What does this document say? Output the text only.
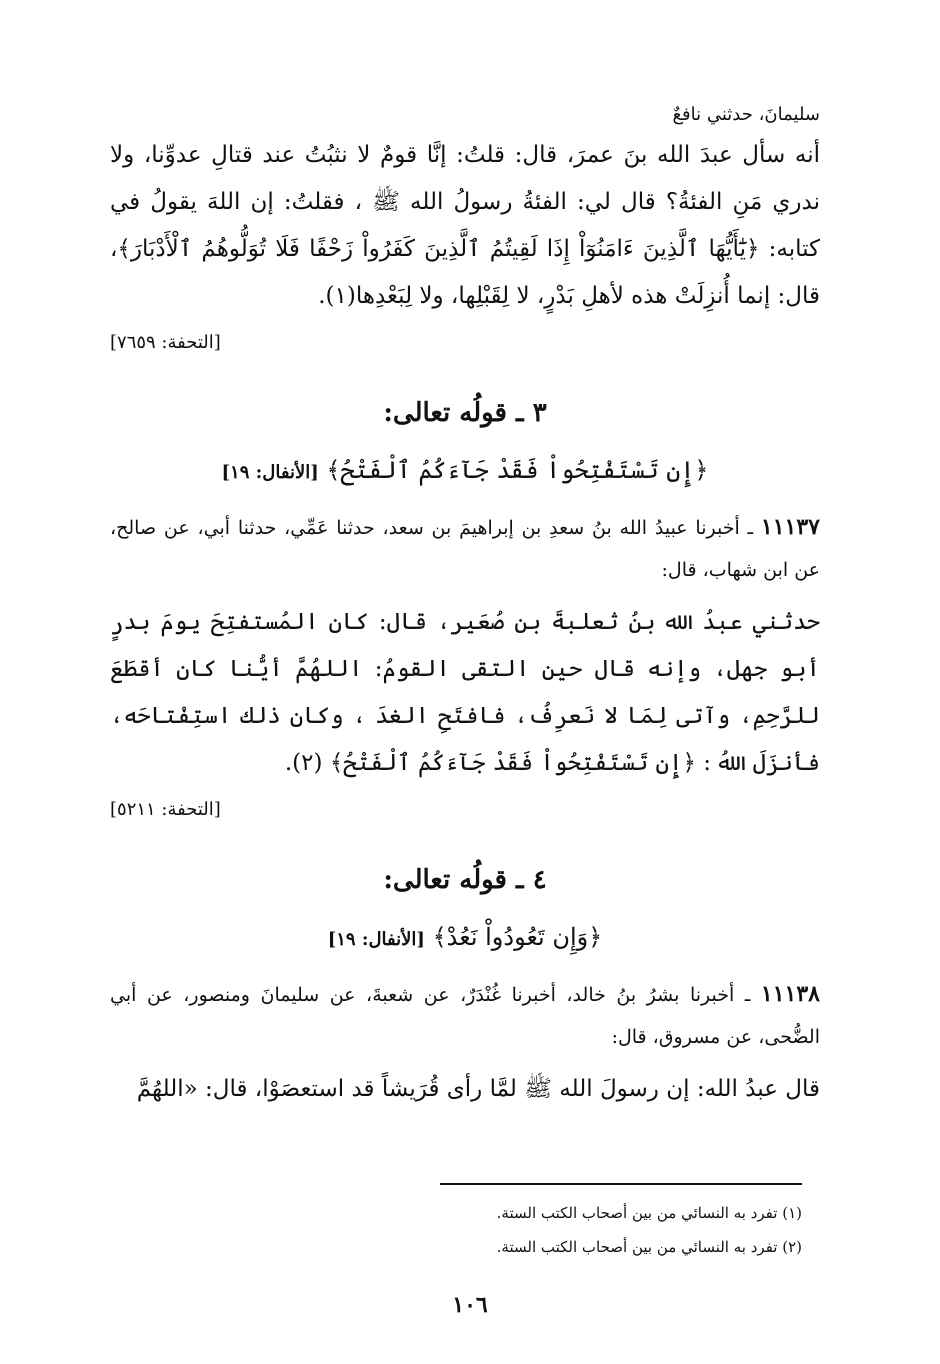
سليمانَ، حدثني نافعٌ

أنه سأل عبدَ الله بنَ عمرَ، قال: قلتُ: إنَّا قومٌ لا نثبُتُ عند قتالِ عدوِّنا، ولا ندري مَنِ الفئةُ؟ قال لي: الفئةُ رسولُ الله ﷺ ، فقلتُ: إن اللهَ يقولُ في كتابه: ﴿يَٰٓأَيُّهَا ٱلَّذِينَ ءَامَنُوٓاْ إِذَا لَقِيتُمُ ٱلَّذِينَ كَفَرُواْ زَحْفًا فَلَا تُوَلُّوهُمُ ٱلْأَدْبَارَ﴾، قال: إنما أُنزِلَتْ هذه لأهلِ بَدْرٍ، لا لِقَبْلِها، ولا لِبَعْدِها(١).

[التحفة: ٧٦٥٩]

٣ ـ قولُه تعالى:
﴿إِن تَسْتَفْتِحُواْ فَقَدْ جَآءَكُمُ ٱلْفَتْحُ﴾ [الأنفال: ١٩]

١١١٣٧ ـ أخبرنا عبيدُ الله بنُ سعدِ بن إبراهيمَ بن سعد، حدثنا عَمِّي، حدثنا أبي، عن صالح، عن ابن شهاب، قال:

حدثني عبدُ الله بنُ ثعلبةَ بن صُعَير، قال: كان المُستفتِحَ يومَ بدرٍ أبو جهل، وإنه قال حين التقى القومُ: اللهُمَّ أيُّنا كان أقطَعَ للرَّحِمِ، وآتى لِمَا لا نَعرِفُ، فافتَحِ الغدَ ، وكان ذلك استِفْتاحَه، فأنزَلَ اللهُ : ﴿إِن تَسْتَفْتِحُواْ فَقَدْ جَآءَكُمُ ٱلْفَتْحُ﴾ (٢).

[التحفة: ٥٢١١]

٤ ـ قولُه تعالى:
﴿وَإِن تَعُودُواْ نَعُدْ﴾ [الأنفال: ١٩]

١١١٣٨ ـ أخبرنا بشرُ بنُ خالد، أخبرنا غُنْدَرٌ، عن شعبةَ، عن سليمانَ ومنصور، عن أبي الضُّحى، عن مسروق، قال:

قال عبدُ الله: إن رسولَ الله ﷺ لمَّا رأى قُرَيشاً قد استعصَوْا، قال: «اللهُمَّ

(١) تفرد به النسائي من بين أصحاب الكتب الستة.
(٢) تفرد به النسائي من بين أصحاب الكتب الستة.
١٠٦
